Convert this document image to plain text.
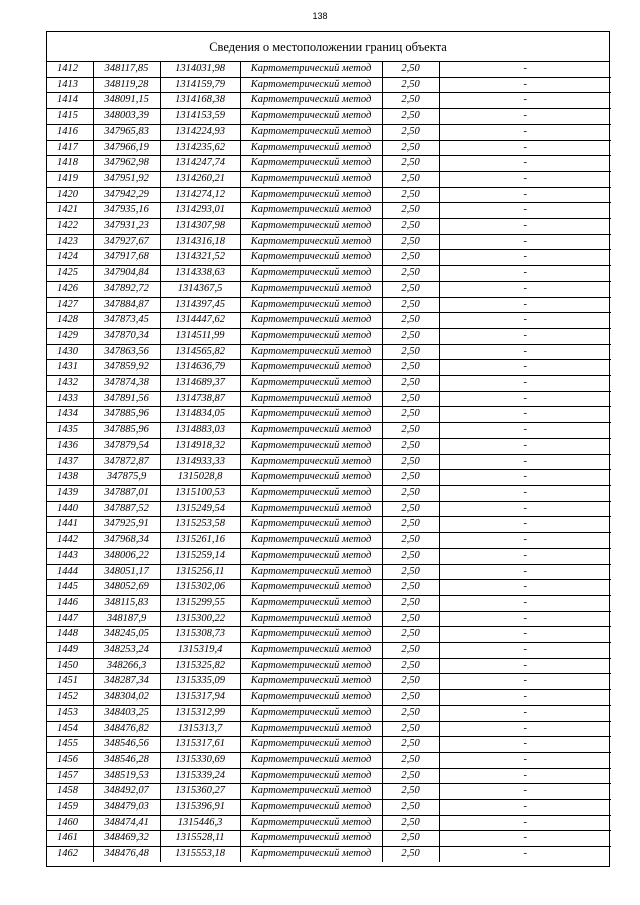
138
Сведения о местоположении границ объекта
1412	348117,85	1314031,98	Картометрический метод	2,50	-
1413	348119,28	1314159,79	Картометрический метод	2,50	-
1414	348091,15	1314168,38	Картометрический метод	2,50	-
1415	348003,39	1314153,59	Картометрический метод	2,50	-
1416	347965,83	1314224,93	Картометрический метод	2,50	-
1417	347966,19	1314235,62	Картометрический метод	2,50	-
1418	347962,98	1314247,74	Картометрический метод	2,50	-
1419	347951,92	1314260,21	Картометрический метод	2,50	-
1420	347942,29	1314274,12	Картометрический метод	2,50	-
1421	347935,16	1314293,01	Картометрический метод	2,50	-
1422	347931,23	1314307,98	Картометрический метод	2,50	-
1423	347927,67	1314316,18	Картометрический метод	2,50	-
1424	347917,68	1314321,52	Картометрический метод	2,50	-
1425	347904,84	1314338,63	Картометрический метод	2,50	-
1426	347892,72	1314367,5	Картометрический метод	2,50	-
1427	347884,87	1314397,45	Картометрический метод	2,50	-
1428	347873,45	1314447,62	Картометрический метод	2,50	-
1429	347870,34	1314511,99	Картометрический метод	2,50	-
1430	347863,56	1314565,82	Картометрический метод	2,50	-
1431	347859,92	1314636,79	Картометрический метод	2,50	-
1432	347874,38	1314689,37	Картометрический метод	2,50	-
1433	347891,56	1314738,87	Картометрический метод	2,50	-
1434	347885,96	1314834,05	Картометрический метод	2,50	-
1435	347885,96	1314883,03	Картометрический метод	2,50	-
1436	347879,54	1314918,32	Картометрический метод	2,50	-
1437	347872,87	1314933,33	Картометрический метод	2,50	-
1438	347875,9	1315028,8	Картометрический метод	2,50	-
1439	347887,01	1315100,53	Картометрический метод	2,50	-
1440	347887,52	1315249,54	Картометрический метод	2,50	-
1441	347925,91	1315253,58	Картометрический метод	2,50	-
1442	347968,34	1315261,16	Картометрический метод	2,50	-
1443	348006,22	1315259,14	Картометрический метод	2,50	-
1444	348051,17	1315256,11	Картометрический метод	2,50	-
1445	348052,69	1315302,06	Картометрический метод	2,50	-
1446	348115,83	1315299,55	Картометрический метод	2,50	-
1447	348187,9	1315300,22	Картометрический метод	2,50	-
1448	348245,05	1315308,73	Картометрический метод	2,50	-
1449	348253,24	1315319,4	Картометрический метод	2,50	-
1450	348266,3	1315325,82	Картометрический метод	2,50	-
1451	348287,34	1315335,09	Картометрический метод	2,50	-
1452	348304,02	1315317,94	Картометрический метод	2,50	-
1453	348403,25	1315312,99	Картометрический метод	2,50	-
1454	348476,82	1315313,7	Картометрический метод	2,50	-
1455	348546,56	1315317,61	Картометрический метод	2,50	-
1456	348546,28	1315330,69	Картометрический метод	2,50	-
1457	348519,53	1315339,24	Картометрический метод	2,50	-
1458	348492,07	1315360,27	Картометрический метод	2,50	-
1459	348479,03	1315396,91	Картометрический метод	2,50	-
1460	348474,41	1315446,3	Картометрический метод	2,50	-
1461	348469,32	1315528,11	Картометрический метод	2,50	-
1462	348476,48	1315553,18	Картометрический метод	2,50	-
